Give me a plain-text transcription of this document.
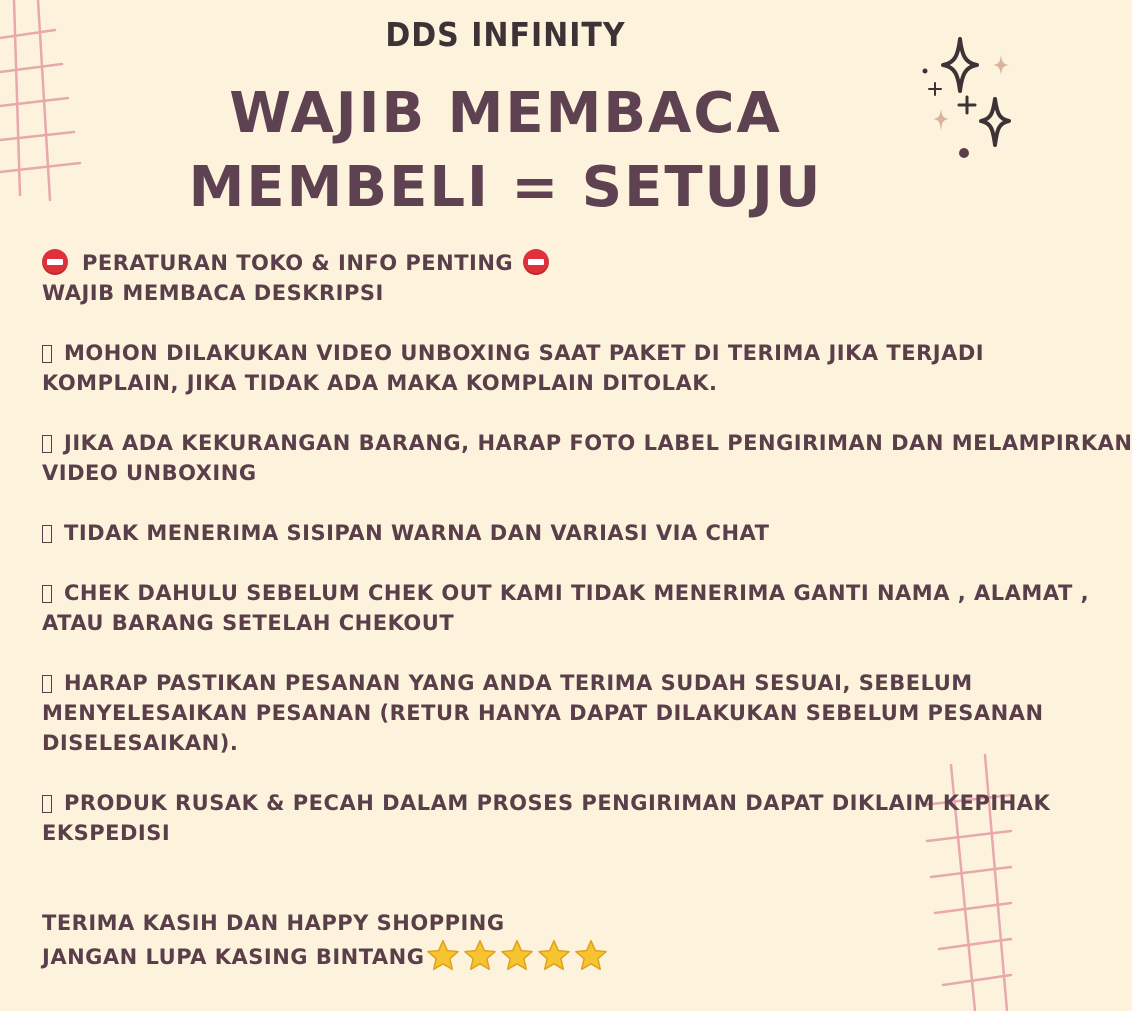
DDS INFINITY
WAJIB MEMBACA
MEMBELI = SETUJU
PERATURAN TOKO & INFO PENTING
WAJIB MEMBACA DESKRIPSI
MOHON DILAKUKAN VIDEO UNBOXING SAAT PAKET DI TERIMA JIKA TERJADI
KOMPLAIN, JIKA TIDAK ADA MAKA KOMPLAIN DITOLAK.
JIKA ADA KEKURANGAN BARANG, HARAP FOTO LABEL PENGIRIMAN DAN MELAMPIRKAN
VIDEO UNBOXING
TIDAK MENERIMA SISIPAN WARNA DAN VARIASI VIA CHAT
CHEK DAHULU SEBELUM CHEK OUT KAMI TIDAK MENERIMA GANTI NAMA , ALAMAT ,
ATAU BARANG SETELAH CHEKOUT
HARAP PASTIKAN PESANAN YANG ANDA TERIMA SUDAH SESUAI, SEBELUM
MENYELESAIKAN PESANAN (RETUR HANYA DAPAT DILAKUKAN SEBELUM PESANAN
DISELESAIKAN).
PRODUK RUSAK & PECAH DALAM PROSES PENGIRIMAN DAPAT DIKLAIM KEPIHAK
EKSPEDISI
TERIMA KASIH DAN HAPPY SHOPPING
JANGAN LUPA KASING BINTANG
